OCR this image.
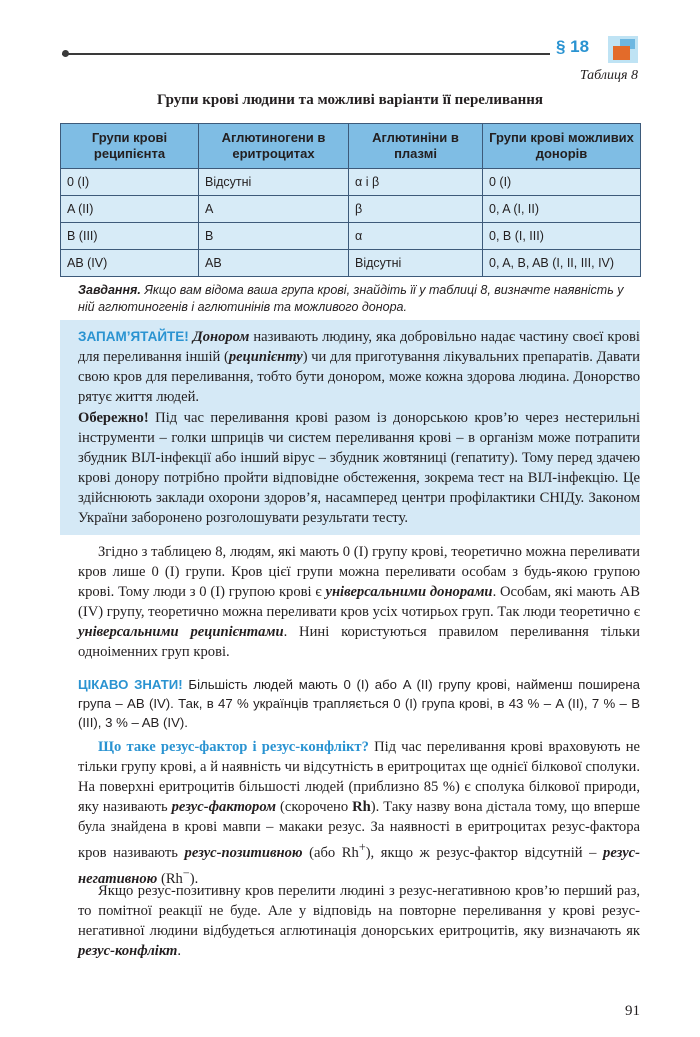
§ 18
Таблиця 8
Групи крові людини та можливі варіанти її переливання
Групи крові реципієнта	Аглютиногени в еритроцитах	Аглютиніни в плазмі	Групи крові можливих донорів
0 (I)	Відсутні	α і β	0 (I)
A (II)	A	β	0, A (I, II)
B (III)	B	α	0, B (I, III)
AB (IV)	AB	Відсутні	0, A, B, AB (I, II, III, IV)
Завдання. Якщо вам відома ваша група крові, знайдіть її у таблиці 8, визначте наявність у ній аглютиногенів і аглютинінів та можливого донора.
ЗАПАМ’ЯТАЙТЕ! Донором називають людину, яка добровільно надає частину своєї крові для переливання іншій (реципієнту) чи для приготування лікувальних препаратів. Давати свою кров для переливання, тобто бути донором, може кожна здорова людина. Донорство рятує життя людей.
Обережно! Під час переливання крові разом із донорською кров’ю через нестерильні інструменти – голки шприців чи систем переливання крові – в організм може потрапити збудник ВІЛ-інфекції або інший вірус – збудник жовтяниці (гепатиту). Тому перед здачею крові донору потрібно пройти відповідне обстеження, зокрема тест на ВІЛ-інфекцію. Це здійснюють заклади охорони здоров’я, насамперед центри профілактики СНІДу. Законом України заборонено розголошувати результати тесту.
Згідно з таблицею 8, людям, які мають 0 (I) групу крові, теоретично можна переливати кров лише 0 (I) групи. Кров цієї групи можна переливати особам з будь-якою групою крові. Тому люди з 0 (I) групою крові є універсальними донорами. Особам, які мають AB (IV) групу, теоретично можна переливати кров усіх чотирьох груп. Так люди теоретично є універсальними реципієнтами. Нині користуються правилом переливання тільки одноіменних груп крові.
ЦІКАВО ЗНАТИ! Більшість людей мають 0 (I) або A (II) групу крові, найменш поширена група – AB (IV). Так, в 47 % українців трапляється 0 (I) група крові, в 43 % – A (II), 7 % – B (III), 3 % – AB (IV).
Що таке резус-фактор і резус-конфлікт? Під час переливання крові враховують не тільки групу крові, а й наявність чи відсутність в еритроцитах ще однієї білкової сполуки. На поверхні еритроцитів більшості людей (приблизно 85 %) є сполука білкової природи, яку називають резус-фактором (скорочено Rh). Таку назву вона дістала тому, що вперше була знайдена в крові мавпи – макаки резус. За наявності в еритроцитах резус-фактора кров називають резус-позитивною (або Rh+), якщо ж резус-фактор відсутній – резус-негативною (Rh−).
Якщо резус-позитивну кров перелити людині з резус-негативною кров’ю перший раз, то помітної реакції не буде. Але у відповідь на повторне переливання у крові резус-негативної людини відбудеться аглютинація донорських еритроцитів, яку визначають як резус-конфлікт.
91
